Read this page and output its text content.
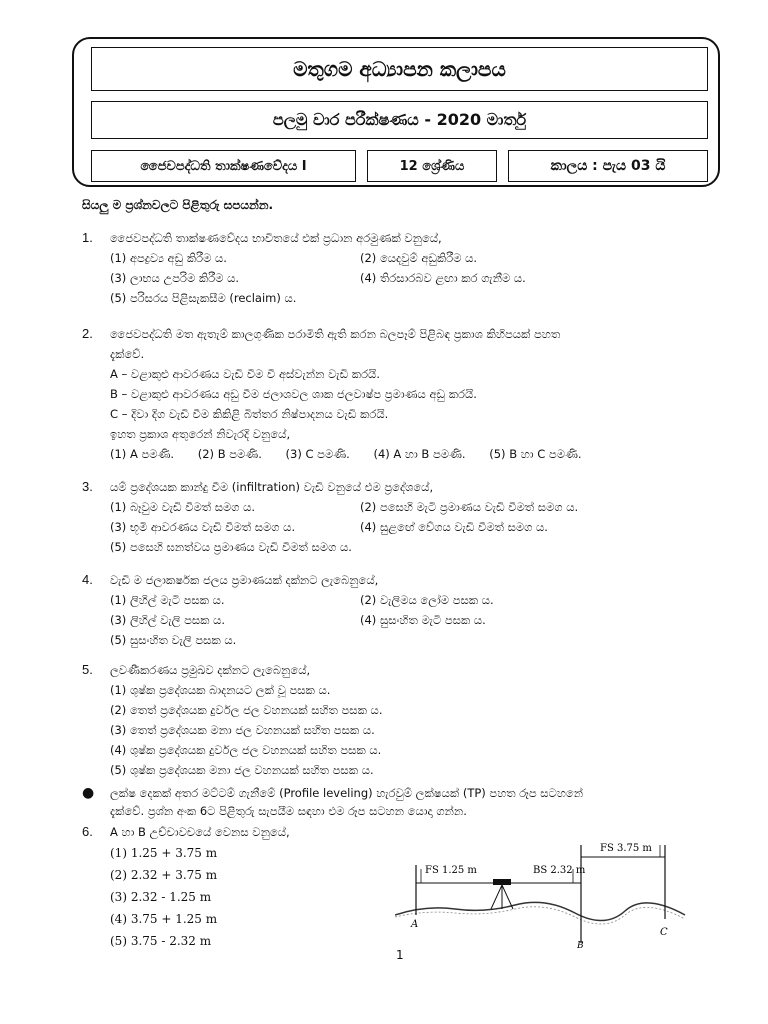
මතුගම අධ්‍යාපන කලාපය
පලමු වාර පරීක්ෂණය - 2020 මාර්තු
ජෛවපද්ධති තාක්ෂණවේදය I	12 ශ්‍රේණිය	කාලය : පැය 03 යි
සියලු ම ප්‍රශ්නවලට පිළිතුරු සපයන්න.
1. ජෛවපද්ධති තාක්ෂණවේදය භාවිතයේ එක් ප්‍රධාන අරමුණක් වනුයේ,
(1) අපද්‍රව්‍ය අඩු කිරීම ය.	(2) යෙදවුම් අඩුකිරීම ය.
(3) ලාභය උපරිම කිරීම ය.	(4) තිරසාරබව ළඟා කර ගැනීම ය.
(5) පරිසරය පිළිසැකසීම (reclaim) ය.
2. ජෛවපද්ධති මත ඇතැම් කාලගුණික පරාමිති ඇති කරන බලපෑම් පිළිබඳ ප්‍රකාශ කිහිපයක් පහත
දැක්වේ.
A – වළාකුළු ආවරණය වැඩි වීම වී අස්වැන්න වැඩි කරයි.
B – වළාකුළු ආවරණය අඩු වීම ජලාශවල ශාක ජලවාෂ්ප ප්‍රමාණය අඩු කරයි.
C – දිවා දිග වැඩි වීම කිකිළි බිත්තර නිෂ්පාදනය වැඩි කරයි.
ඉහත ප්‍රකාශ අතුරෙන් නිවැරදි වනුයේ,
(1) A පමණි. (2) B පමණි. (3) C පමණි. (4) A හා B පමණි. (5) B හා C පමණි.
3. යම් ප්‍රදේශයක කාන්දු වීම (infiltration) වැඩි වනුයේ එම ප්‍රදේශයේ,
(1) බෑවුම වැඩි වීමත් සමග ය.	(2) පසෙහි මැටි ප්‍රමාණය වැඩි වීමත් සමග ය.
(3) භූමි ආවරණය වැඩි වීමත් සමග ය.	(4) සුළඟේ වේගය වැඩි වීමත් සමග ය.
(5) පසෙහි ඝනත්වය ප්‍රමාණය වැඩි වීමත් සමග ය.
4. වැඩි ම ජලාකර්ෂක ජලය ප්‍රමාණයක් දක්නට ලැබෙනුයේ,
(1) ලිහිල් මැටි පසක ය.	(2) වැලිමය ලෝම පසක ය.
(3) ලිහිල් වැලි පසක ය.	(4) සුසංහිත මැටි පසක ය.
(5) සුසංහිත වැලි පසක ය.
5. ලවණීකරණය ප්‍රමුඛව දක්නට ලැබෙනුයේ,
(1) ශුෂ්ක ප්‍රදේශයක බාදනයට ලක් වූ පසක ය.
(2) තෙත් ප්‍රදේශයක දුර්වල ජල වහනයක් සහිත පසක ය.
(3) තෙත් ප්‍රදේශයක මනා ජල වහනයක් සහිත පසක ය.
(4) ශුෂ්ක ප්‍රදේශයක දුර්වල ජල වහනයක් සහිත පසක ය.
(5) ශුෂ්ක ප්‍රදේශයක මනා ජල වහනයක් සහිත පසක ය.
● ලක්ෂ දෙකක් අතර මට්ටම් ගැනීමේ (Profile leveling) හැරවුම් ලක්ෂයක් (TP) පහත රූප සටහනේ
දැක්වේ. ප්‍රශ්න අංක 6ට පිළිතුරු සැපයීම සඳහා එම රූප සටහන යොදා ගන්න.
6. A හා B උච්චාවචයේ වෙනස වනුයේ,
(1) 1.25 + 3.75 m
(2) 2.32 + 3.75 m
(3) 2.32 - 1.25 m
(4) 3.75 + 1.25 m
(5) 3.75 - 2.32 m
FS 1.25 m	BS 2.32 m
FS 3.75 m
A
B
C
1
